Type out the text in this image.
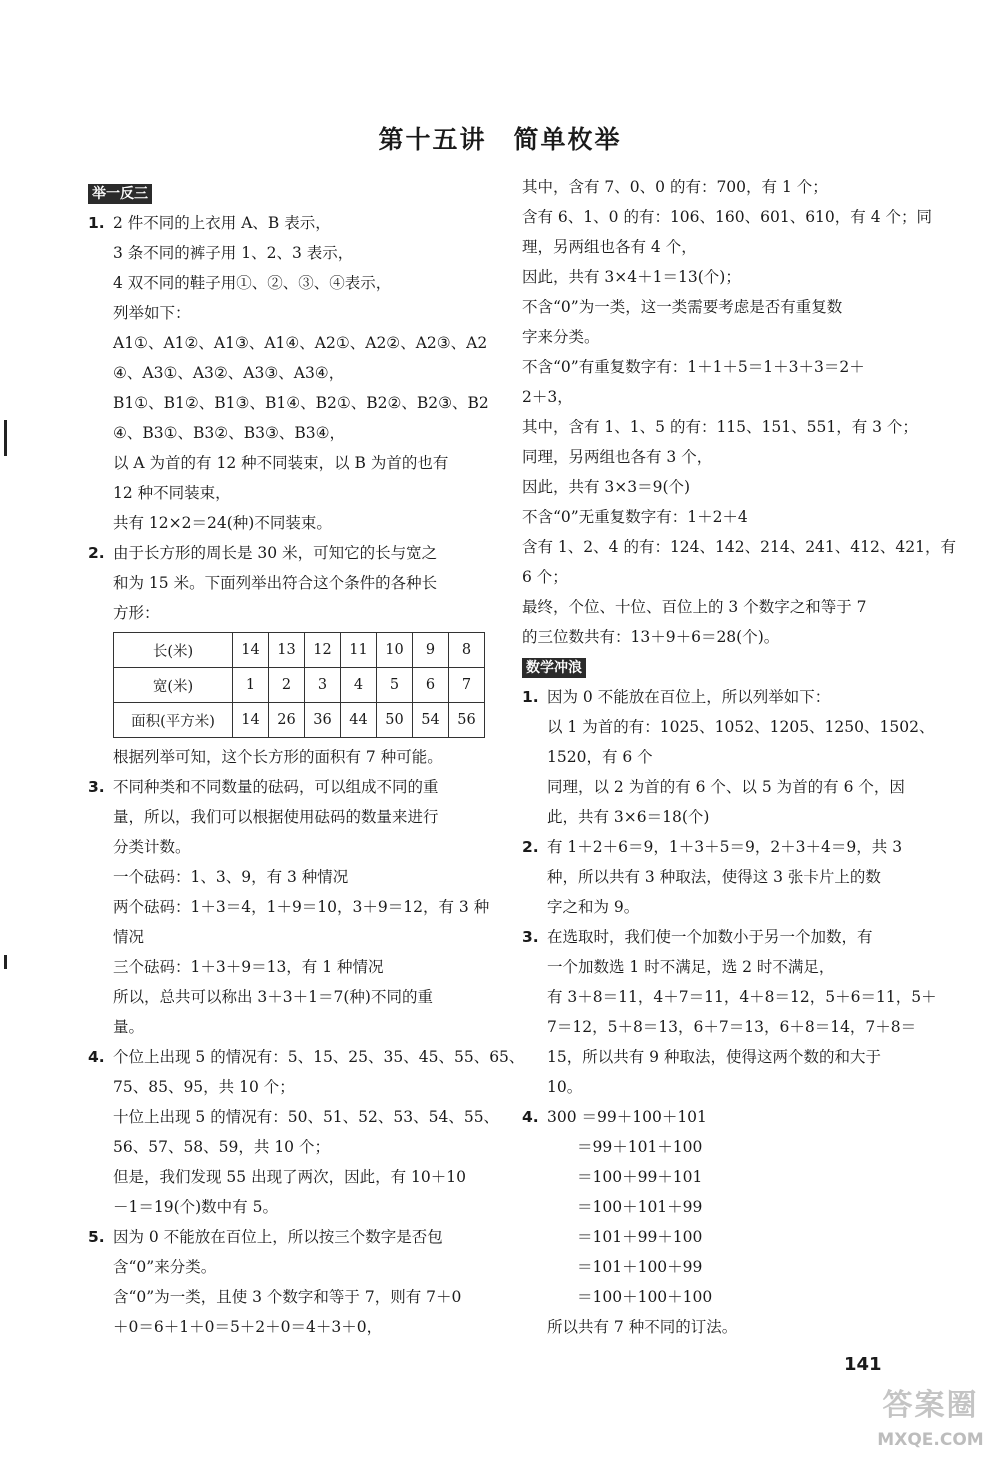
第十五讲　简单枚举
举一反三
1. 2 件不同的上衣用 A、B 表示，
3 条不同的裤子用 1、2、3 表示，
4 双不同的鞋子用①、②、③、④表示，
列举如下：
A1①、A1②、A1③、A1④、A2①、A2②、A2③、A2
④、A3①、A3②、A3③、A3④，
B1①、B1②、B1③、B1④、B2①、B2②、B2③、B2
④、B3①、B3②、B3③、B3④，
以 A 为首的有 12 种不同装束，以 B 为首的也有
12 种不同装束，
共有 12×2＝24(种)不同装束。
2. 由于长方形的周长是 30 米，可知它的长与宽之
和为 15 米。下面列举出符合这个条件的各种长
方形：
长(米)	14	13	12	11	10	9	8
宽(米)	1	2	3	4	5	6	7
面积(平方米)	14	26	36	44	50	54	56
根据列举可知，这个长方形的面积有 7 种可能。
3. 不同种类和不同数量的砝码，可以组成不同的重
量，所以，我们可以根据使用砝码的数量来进行
分类计数。
一个砝码：1、3、9，有 3 种情况
两个砝码：1＋3＝4，1＋9＝10，3＋9＝12，有 3 种
情况
三个砝码：1＋3＋9＝13，有 1 种情况
所以，总共可以称出 3＋3＋1＝7(种)不同的重
量。
4. 个位上出现 5 的情况有：5、15、25、35、45、55、65、
75、85、95，共 10 个；
十位上出现 5 的情况有：50、51、52、53、54、55、
56、57、58、59，共 10 个；
但是，我们发现 55 出现了两次，因此，有 10＋10
－1＝19(个)数中有 5。
5. 因为 0 不能放在百位上，所以按三个数字是否包
含“0”来分类。
含“0”为一类，且使 3 个数字和等于 7，则有 7＋0
＋0＝6＋1＋0＝5＋2＋0＝4＋3＋0，
其中，含有 7、0、0 的有：700，有 1 个；
含有 6、1、0 的有：106、160、601、610，有 4 个；同
理，另两组也各有 4 个，
因此，共有 3×4＋1＝13(个)；
不含“0”为一类，这一类需要考虑是否有重复数
字来分类。
不含“0”有重复数字有：1＋1＋5＝1＋3＋3＝2＋
2＋3，
其中，含有 1、1、5 的有：115、151、551，有 3 个；
同理，另两组也各有 3 个，
因此，共有 3×3＝9(个)
不含“0”无重复数字有：1＋2＋4
含有 1、2、4 的有：124、142、214、241、412、421，有
6 个；
最终，个位、十位、百位上的 3 个数字之和等于 7
的三位数共有：13＋9＋6＝28(个)。
数学冲浪
1. 因为 0 不能放在百位上，所以列举如下：
以 1 为首的有：1025、1052、1205、1250、1502、
1520，有 6 个
同理，以 2 为首的有 6 个、以 5 为首的有 6 个，因
此，共有 3×6＝18(个)
2. 有 1＋2＋6＝9，1＋3＋5＝9，2＋3＋4＝9，共 3
种，所以共有 3 种取法，使得这 3 张卡片上的数
字之和为 9。
3. 在选取时，我们使一个加数小于另一个加数，有
一个加数选 1 时不满足，选 2 时不满足，
有 3＋8＝11，4＋7＝11，4＋8＝12，5＋6＝11，5＋
7＝12，5＋8＝13，6＋7＝13，6＋8＝14，7＋8＝
15，所以共有 9 种取法，使得这两个数的和大于
10。
4. 300 ＝99＋100＋101
＝99＋101＋100
＝100＋99＋101
＝100＋101＋99
＝101＋99＋100
＝101＋100＋99
＝100＋100＋100
所以共有 7 种不同的订法。
141
答案圈
MXQE.COM
